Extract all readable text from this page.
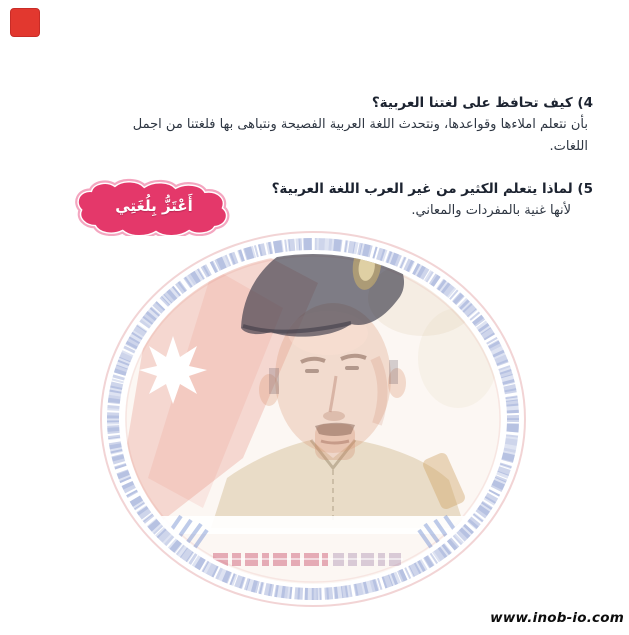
4) كيف تحافظ على لغتنا العربية؟
بأن نتعلم املاءها وقواعدها، ونتحدث اللغة العربية الفصيحة ونتباهى بها فلغتنا من اجمل
اللغات.
5) لماذا يتعلم الكثير من غير العرب اللغة العربية؟
لأنها غنية بالمفردات والمعاني.
أَعْتَزُّ بِلُغَتِي
www.inob-io.com
